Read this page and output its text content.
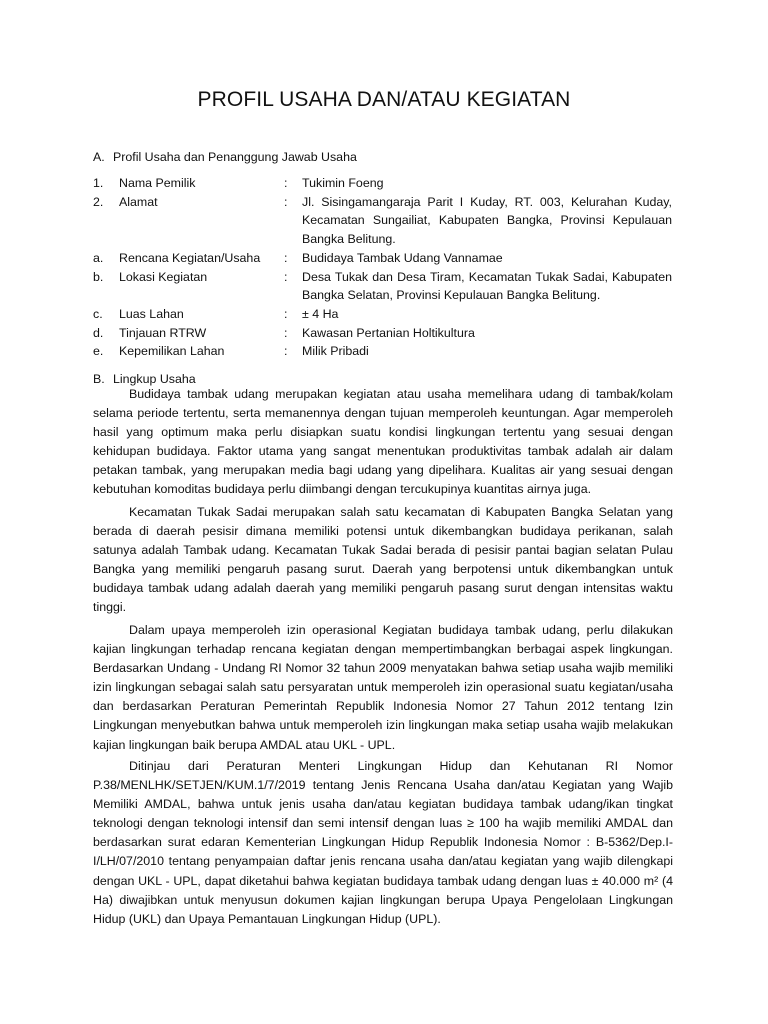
PROFIL USAHA DAN/ATAU KEGIATAN
A. Profil Usaha dan Penanggung Jawab Usaha
1.	Nama Pemilik	:	Tukimin Foeng
2.	Alamat	:	Jl. Sisingamangaraja Parit I Kuday, RT. 003, Kelurahan Kuday, Kecamatan Sungailiat, Kabupaten Bangka, Provinsi Kepulauan Bangka Belitung.
a.	Rencana Kegiatan/Usaha	:	Budidaya Tambak Udang Vannamae
b.	Lokasi Kegiatan	:	Desa Tukak dan Desa Tiram, Kecamatan Tukak Sadai, Kabupaten Bangka Selatan, Provinsi Kepulauan Bangka Belitung.
c.	Luas Lahan	:	± 4 Ha
d.	Tinjauan RTRW	:	Kawasan Pertanian Holtikultura
e.	Kepemilikan Lahan	:	Milik Pribadi
B. Lingkup Usaha

Budidaya tambak udang merupakan kegiatan atau usaha memelihara udang di tambak/kolam selama periode tertentu, serta memanennya dengan tujuan memperoleh keuntungan. Agar memperoleh hasil yang optimum maka perlu disiapkan suatu kondisi lingkungan tertentu yang sesuai dengan kehidupan budidaya. Faktor utama yang sangat menentukan produktivitas tambak adalah air dalam petakan tambak, yang merupakan media bagi udang yang dipelihara. Kualitas air yang sesuai dengan kebutuhan komoditas budidaya perlu diimbangi dengan tercukupinya kuantitas airnya juga.

Kecamatan Tukak Sadai merupakan salah satu kecamatan di Kabupaten Bangka Selatan yang berada di daerah pesisir dimana memiliki potensi untuk dikembangkan budidaya perikanan, salah satunya adalah Tambak udang. Kecamatan Tukak Sadai berada di pesisir pantai bagian selatan Pulau Bangka yang memiliki pengaruh pasang surut. Daerah yang berpotensi untuk dikembangkan untuk budidaya tambak udang adalah daerah yang memiliki pengaruh pasang surut dengan intensitas waktu tinggi.

Dalam upaya memperoleh izin operasional Kegiatan budidaya tambak udang, perlu dilakukan kajian lingkungan terhadap rencana kegiatan dengan mempertimbangkan berbagai aspek lingkungan. Berdasarkan Undang - Undang RI Nomor 32 tahun 2009 menyatakan bahwa setiap usaha wajib memiliki izin lingkungan sebagai salah satu persyaratan untuk memperoleh izin operasional suatu kegiatan/usaha dan berdasarkan Peraturan Pemerintah Republik Indonesia Nomor 27 Tahun 2012 tentang Izin Lingkungan menyebutkan bahwa untuk memperoleh izin lingkungan maka setiap usaha wajib melakukan kajian lingkungan baik berupa AMDAL atau UKL - UPL.

Ditinjau dari Peraturan Menteri Lingkungan Hidup dan Kehutanan RI Nomor P.38/MENLHK/SETJEN/KUM.1/7/2019 tentang Jenis Rencana Usaha dan/atau Kegiatan yang Wajib Memiliki AMDAL, bahwa untuk jenis usaha dan/atau kegiatan budidaya tambak udang/ikan tingkat teknologi dengan teknologi intensif dan semi intensif dengan luas ≥ 100 ha wajib memiliki AMDAL dan berdasarkan surat edaran Kementerian Lingkungan Hidup Republik Indonesia Nomor : B-5362/Dep.I-I/LH/07/2010 tentang penyampaian daftar jenis rencana usaha dan/atau kegiatan yang wajib dilengkapi dengan UKL - UPL, dapat diketahui bahwa kegiatan budidaya tambak udang dengan luas ± 40.000 m² (4 Ha) diwajibkan untuk menyusun dokumen kajian lingkungan berupa Upaya Pengelolaan Lingkungan Hidup (UKL) dan Upaya Pemantauan Lingkungan Hidup (UPL).
